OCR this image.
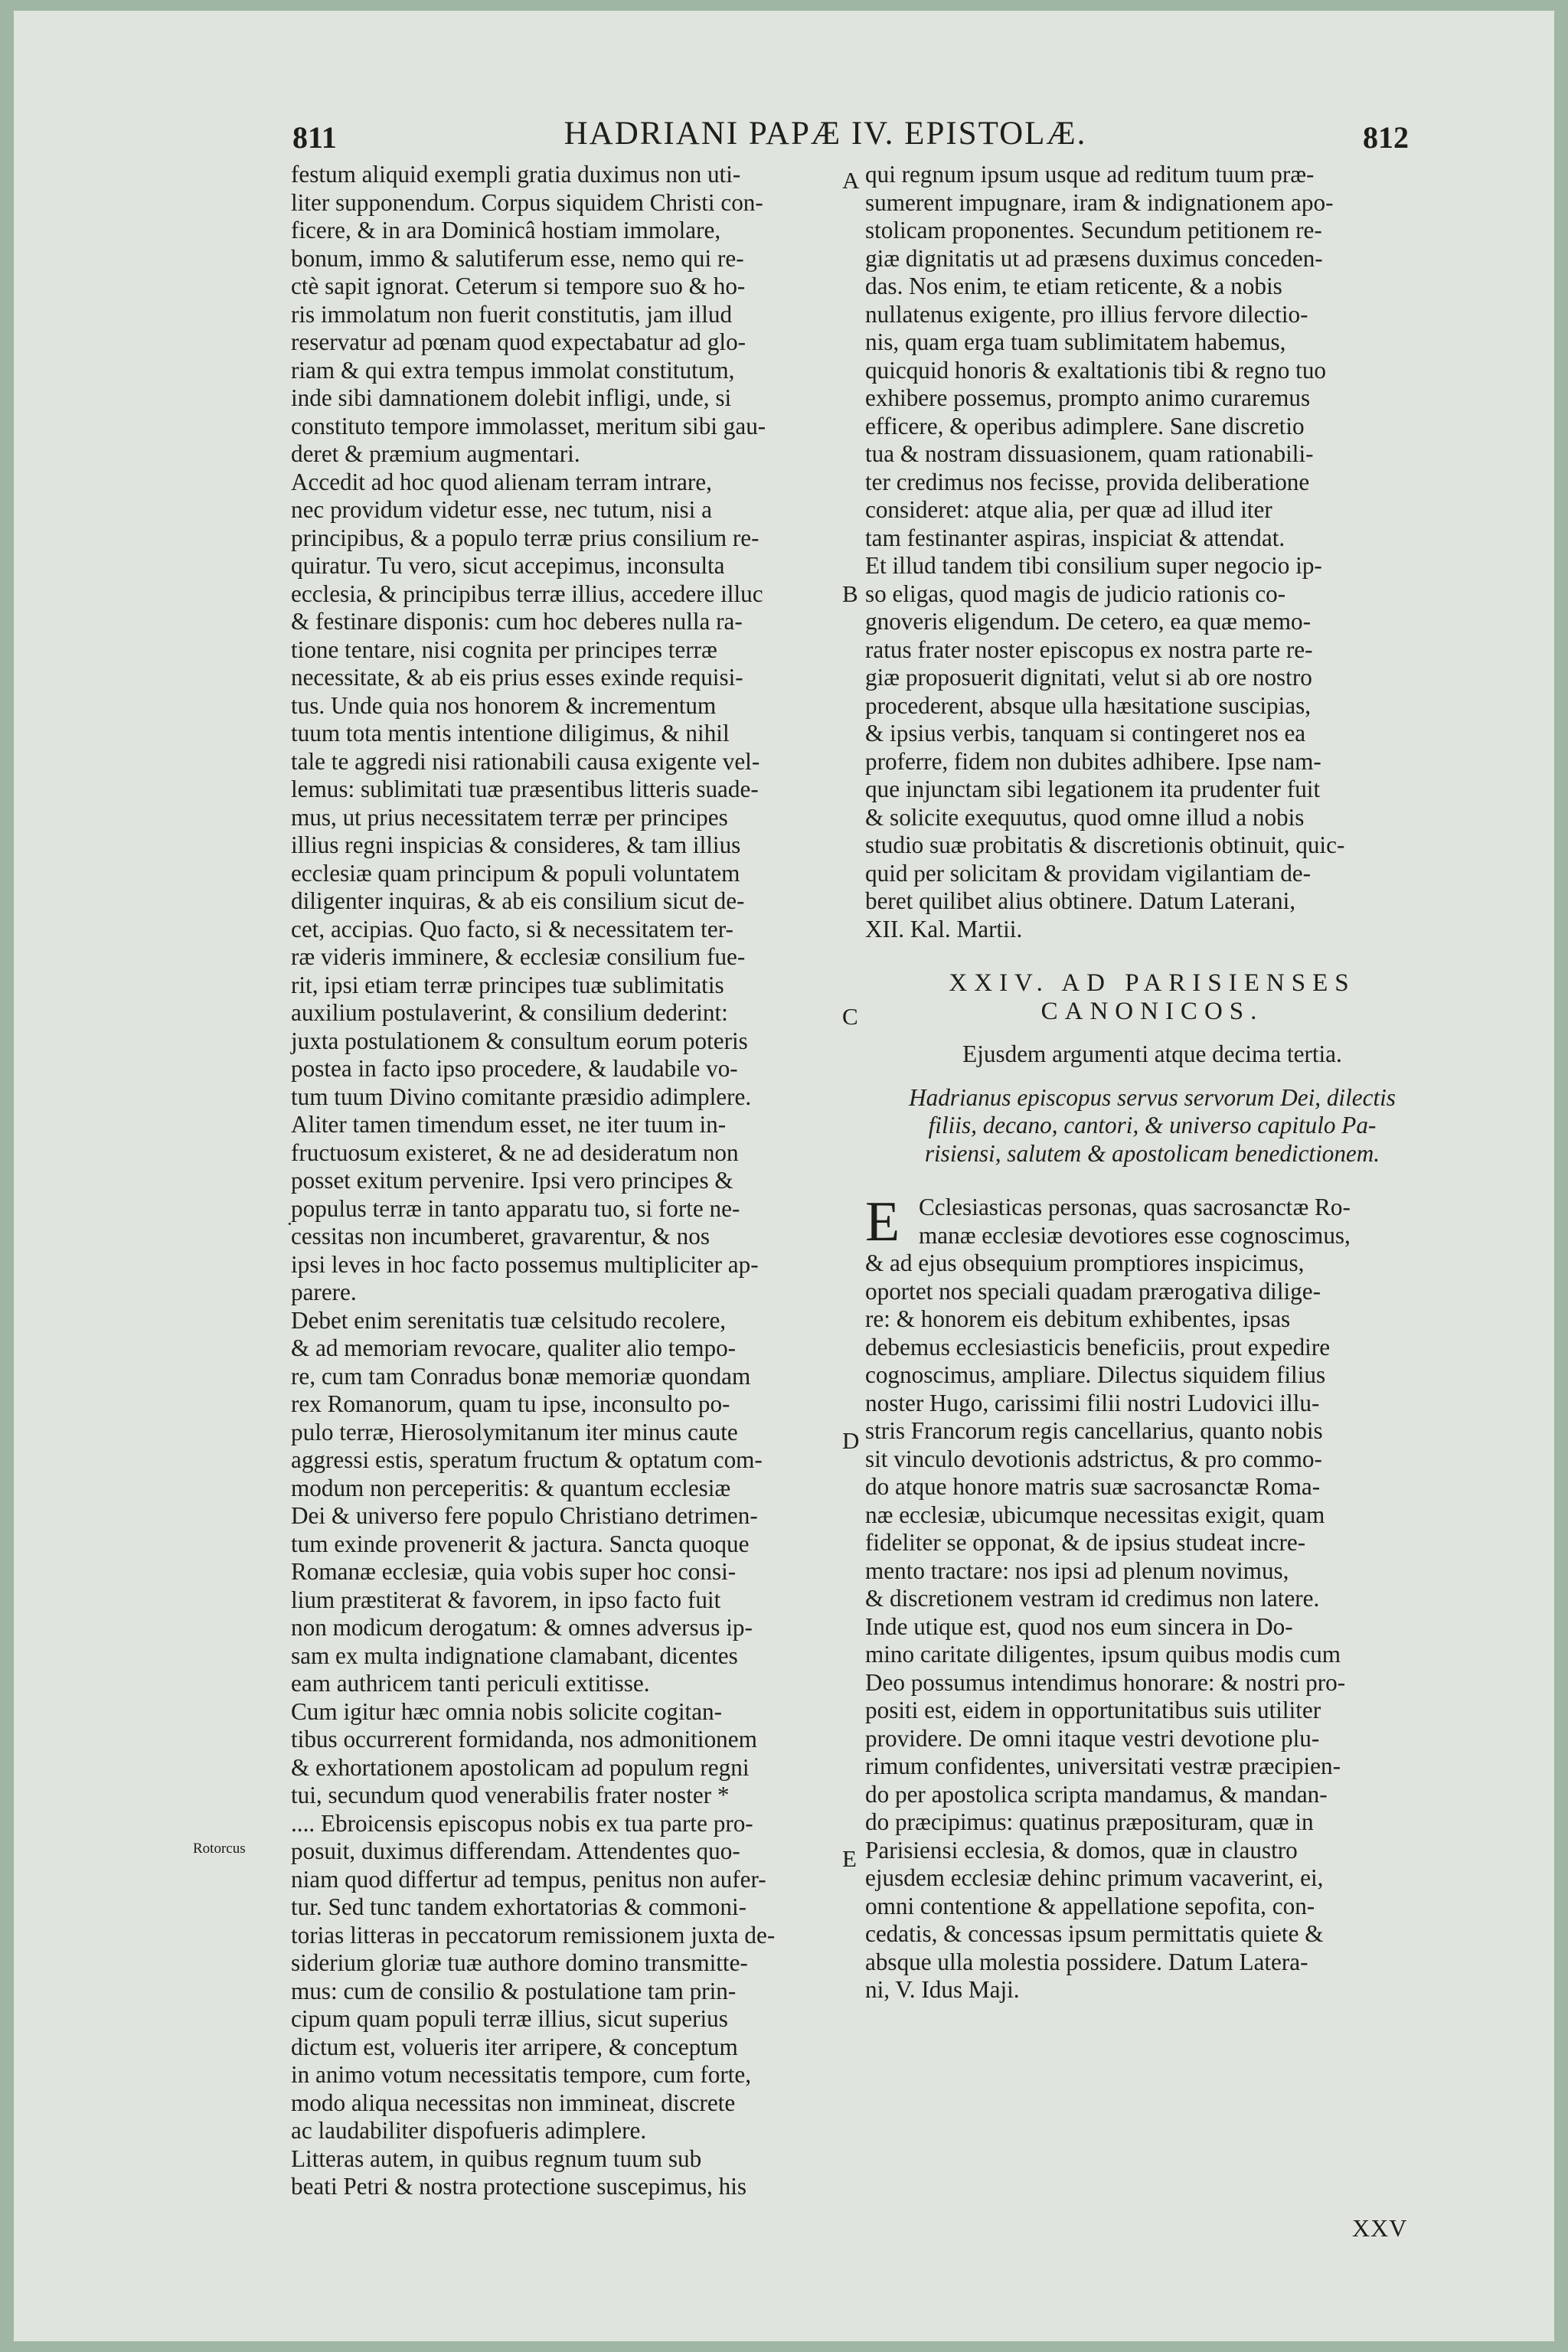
811	HADRIANI PAPÆ IV. EPISTOLÆ.	812
A
B
C
D
E
·
Rotorcus
festum aliquid exempli gratia duximus non uti-
liter supponendum. Corpus siquidem Christi con-
ficere, & in ara Dominicâ hostiam immolare,
bonum, immo & salutiferum esse, nemo qui re-
ctè sapit ignorat. Ceterum si tempore suo & ho-
ris immolatum non fuerit constitutis, jam illud
reservatur ad pœnam quod expectabatur ad glo-
riam & qui extra tempus immolat constitutum,
inde sibi damnationem dolebit infligi, unde, si
constituto tempore immolasset, meritum sibi gau-
deret & præmium augmentari.
Accedit ad hoc quod alienam terram intrare,
nec providum videtur esse, nec tutum, nisi a
principibus, & a populo terræ prius consilium re-
quiratur. Tu vero, sicut accepimus, inconsulta
ecclesia, & principibus terræ illius, accedere illuc
& festinare disponis: cum hoc deberes nulla ra-
tione tentare, nisi cognita per principes terræ
necessitate, & ab eis prius esses exinde requisi-
tus. Unde quia nos honorem & incrementum
tuum tota mentis intentione diligimus, & nihil
tale te aggredi nisi rationabili causa exigente vel-
lemus: sublimitati tuæ præsentibus litteris suade-
mus, ut prius necessitatem terræ per principes
illius regni inspicias & consideres, & tam illius
ecclesiæ quam principum & populi voluntatem
diligenter inquiras, & ab eis consilium sicut de-
cet, accipias. Quo facto, si & necessitatem ter-
ræ videris imminere, & ecclesiæ consilium fue-
rit, ipsi etiam terræ principes tuæ sublimitatis
auxilium postulaverint, & consilium dederint:
juxta postulationem & consultum eorum poteris
postea in facto ipso procedere, & laudabile vo-
tum tuum Divino comitante præsidio adimplere.
Aliter tamen timendum esset, ne iter tuum in-
fructuosum existeret, & ne ad desideratum non
posset exitum pervenire. Ipsi vero principes &
populus terræ in tanto apparatu tuo, si forte ne-
cessitas non incumberet, gravarentur, & nos
ipsi leves in hoc facto possemus multipliciter ap-
parere.
Debet enim serenitatis tuæ celsitudo recolere,
& ad memoriam revocare, qualiter alio tempo-
re, cum tam Conradus bonæ memoriæ quondam
rex Romanorum, quam tu ipse, inconsulto po-
pulo terræ, Hierosolymitanum iter minus caute
aggressi estis, speratum fructum & optatum com-
modum non perceperitis: & quantum ecclesiæ
Dei & universo fere populo Christiano detrimen-
tum exinde provenerit & jactura. Sancta quoque
Romanæ ecclesiæ, quia vobis super hoc consi-
lium præstiterat & favorem, in ipso facto fuit
non modicum derogatum: & omnes adversus ip-
sam ex multa indignatione clamabant, dicentes
eam authricem tanti periculi extitisse.
Cum igitur hæc omnia nobis solicite cogitan-
tibus occurrerent formidanda, nos admonitionem
& exhortationem apostolicam ad populum regni
tui, secundum quod venerabilis frater noster *
.... Ebroicensis episcopus nobis ex tua parte pro-
posuit, duximus differendam. Attendentes quo-
niam quod differtur ad tempus, penitus non aufer-
tur. Sed tunc tandem exhortatorias & commoni-
torias litteras in peccatorum remissionem juxta de-
siderium gloriæ tuæ authore domino transmitte-
mus: cum de consilio & postulatione tam prin-
cipum quam populi terræ illius, sicut superius
dictum est, volueris iter arripere, & conceptum
in animo votum necessitatis tempore, cum forte,
modo aliqua necessitas non immineat, discrete
ac laudabiliter dispofueris adimplere.
Litteras autem, in quibus regnum tuum sub
beati Petri & nostra protectione suscepimus, his
qui regnum ipsum usque ad reditum tuum præ-
sumerent impugnare, iram & indignationem apo-
stolicam proponentes. Secundum petitionem re-
giæ dignitatis ut ad præsens duximus conceden-
das. Nos enim, te etiam reticente, & a nobis
nullatenus exigente, pro illius fervore dilectio-
nis, quam erga tuam sublimitatem habemus,
quicquid honoris & exaltationis tibi & regno tuo
exhibere possemus, prompto animo curaremus
efficere, & operibus adimplere. Sane discretio
tua & nostram dissuasionem, quam rationabili-
ter credimus nos fecisse, provida deliberatione
consideret: atque alia, per quæ ad illud iter
tam festinanter aspiras, inspiciat & attendat.
Et illud tandem tibi consilium super negocio ip-
so eligas, quod magis de judicio rationis co-
gnoveris eligendum. De cetero, ea quæ memo-
ratus frater noster episcopus ex nostra parte re-
giæ proposuerit dignitati, velut si ab ore nostro
procederent, absque ulla hæsitatione suscipias,
& ipsius verbis, tanquam si contingeret nos ea
proferre, fidem non dubites adhibere. Ipse nam-
que injunctam sibi legationem ita prudenter fuit
& solicite exequutus, quod omne illud a nobis
studio suæ probitatis & discretionis obtinuit, quic-
quid per solicitam & providam vigilantiam de-
beret quilibet alius obtinere. Datum Laterani,
XII. Kal. Martii.
XXIV. AD PARISIENSES
CANONICOS.
Ejusdem argumenti atque decima tertia.
Hadrianus episcopus servus servorum Dei, dilectis
filiis, decano, cantori, & universo capitulo Pa-
risiensi, salutem & apostolicam benedictionem.
E Cclesiasticas personas, quas sacrosanctæ Ro-
manæ ecclesiæ devotiores esse cognoscimus,
& ad ejus obsequium promptiores inspicimus,
oportet nos speciali quadam prærogativa dilige-
re: & honorem eis debitum exhibentes, ipsas
debemus ecclesiasticis beneficiis, prout expedire
cognoscimus, ampliare. Dilectus siquidem filius
noster Hugo, carissimi filii nostri Ludovici illu-
stris Francorum regis cancellarius, quanto nobis
sit vinculo devotionis adstrictus, & pro commo-
do atque honore matris suæ sacrosanctæ Roma-
næ ecclesiæ, ubicumque necessitas exigit, quam
fideliter se opponat, & de ipsius studeat incre-
mento tractare: nos ipsi ad plenum novimus,
& discretionem vestram id credimus non latere.
Inde utique est, quod nos eum sincera in Do-
mino caritate diligentes, ipsum quibus modis cum
Deo possumus intendimus honorare: & nostri pro-
positi est, eidem in opportunitatibus suis utiliter
providere. De omni itaque vestri devotione plu-
rimum confidentes, universitati vestræ præcipien-
do per apostolica scripta mandamus, & mandan-
do præcipimus: quatinus præposituram, quæ in
Parisiensi ecclesia, & domos, quæ in claustro
ejusdem ecclesiæ dehinc primum vacaverint, ei,
omni contentione & appellatione sepofita, con-
cedatis, & concessas ipsum permittatis quiete &
absque ulla molestia possidere. Datum Latera-
ni, V. Idus Maji.
XXV
